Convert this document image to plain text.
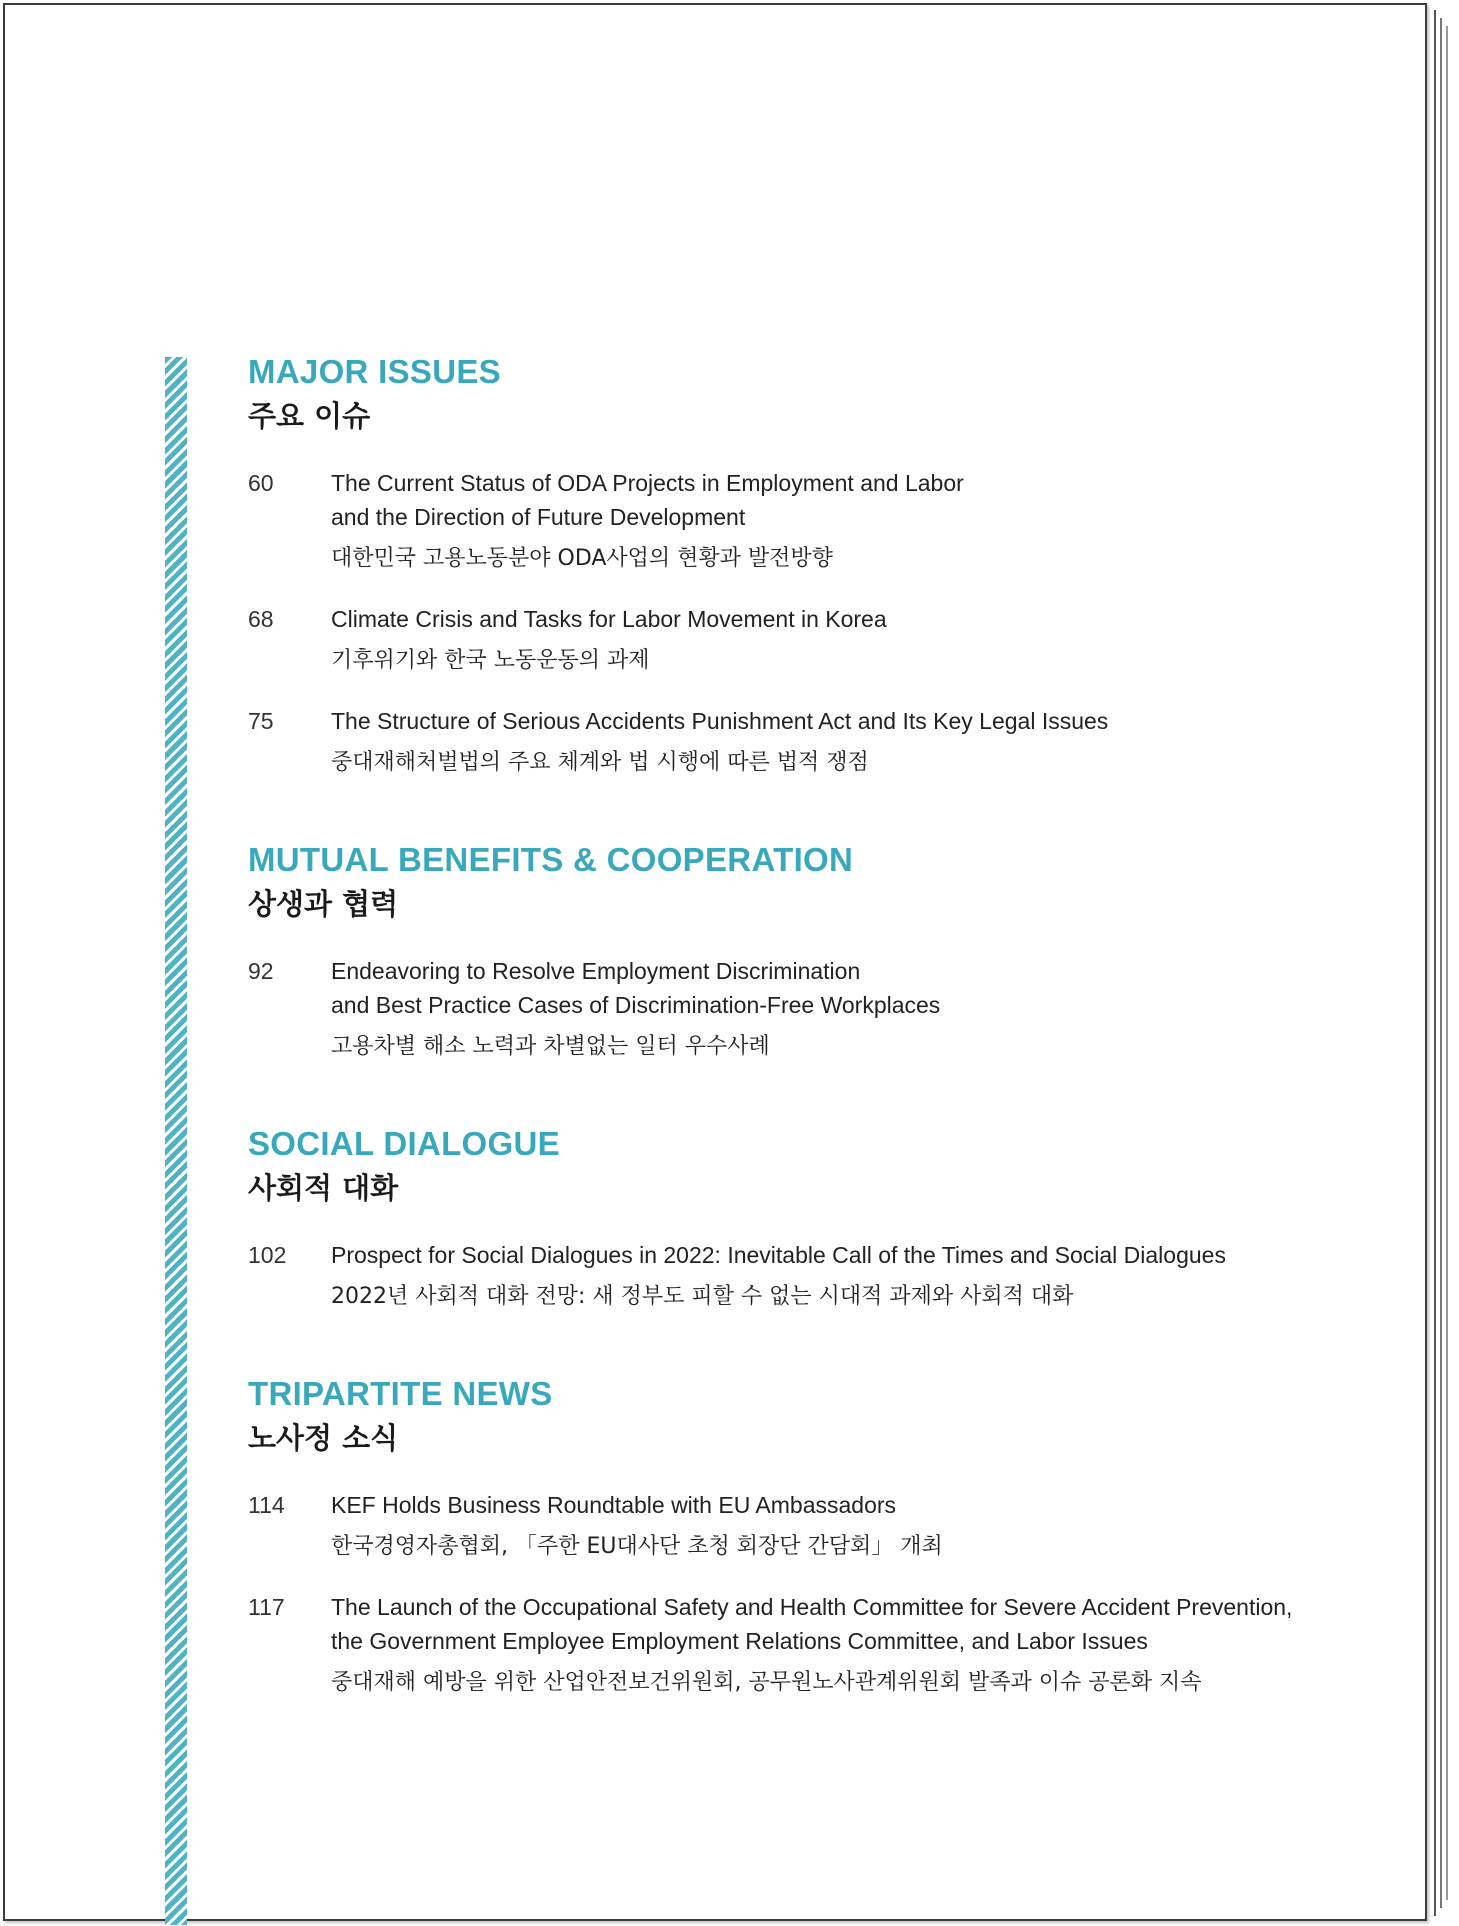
MAJOR ISSUES
주요 이슈
60	The Current Status of ODA Projects in Employment and Labor
and the Direction of Future Development
대한민국 고용노동분야 ODA사업의 현황과 발전방향
68	Climate Crisis and Tasks for Labor Movement in Korea
기후위기와 한국 노동운동의 과제
75	The Structure of Serious Accidents Punishment Act and Its Key Legal Issues
중대재해처벌법의 주요 체계와 법 시행에 따른 법적 쟁점
MUTUAL BENEFITS & COOPERATION
상생과 협력
92	Endeavoring to Resolve Employment Discrimination
and Best Practice Cases of Discrimination-Free Workplaces
고용차별 해소 노력과 차별없는 일터 우수사례
SOCIAL DIALOGUE
사회적 대화
102	Prospect for Social Dialogues in 2022: Inevitable Call of the Times and Social Dialogues
2022년 사회적 대화 전망: 새 정부도 피할 수 없는 시대적 과제와 사회적 대화
TRIPARTITE NEWS
노사정 소식
114	KEF Holds Business Roundtable with EU Ambassadors
한국경영자총협회, 「주한 EU대사단 초청 회장단 간담회」 개최
117	The Launch of the Occupational Safety and Health Committee for Severe Accident Prevention,
the Government Employee Employment Relations Committee, and Labor Issues
중대재해 예방을 위한 산업안전보건위원회, 공무원노사관계위원회 발족과 이슈 공론화 지속
